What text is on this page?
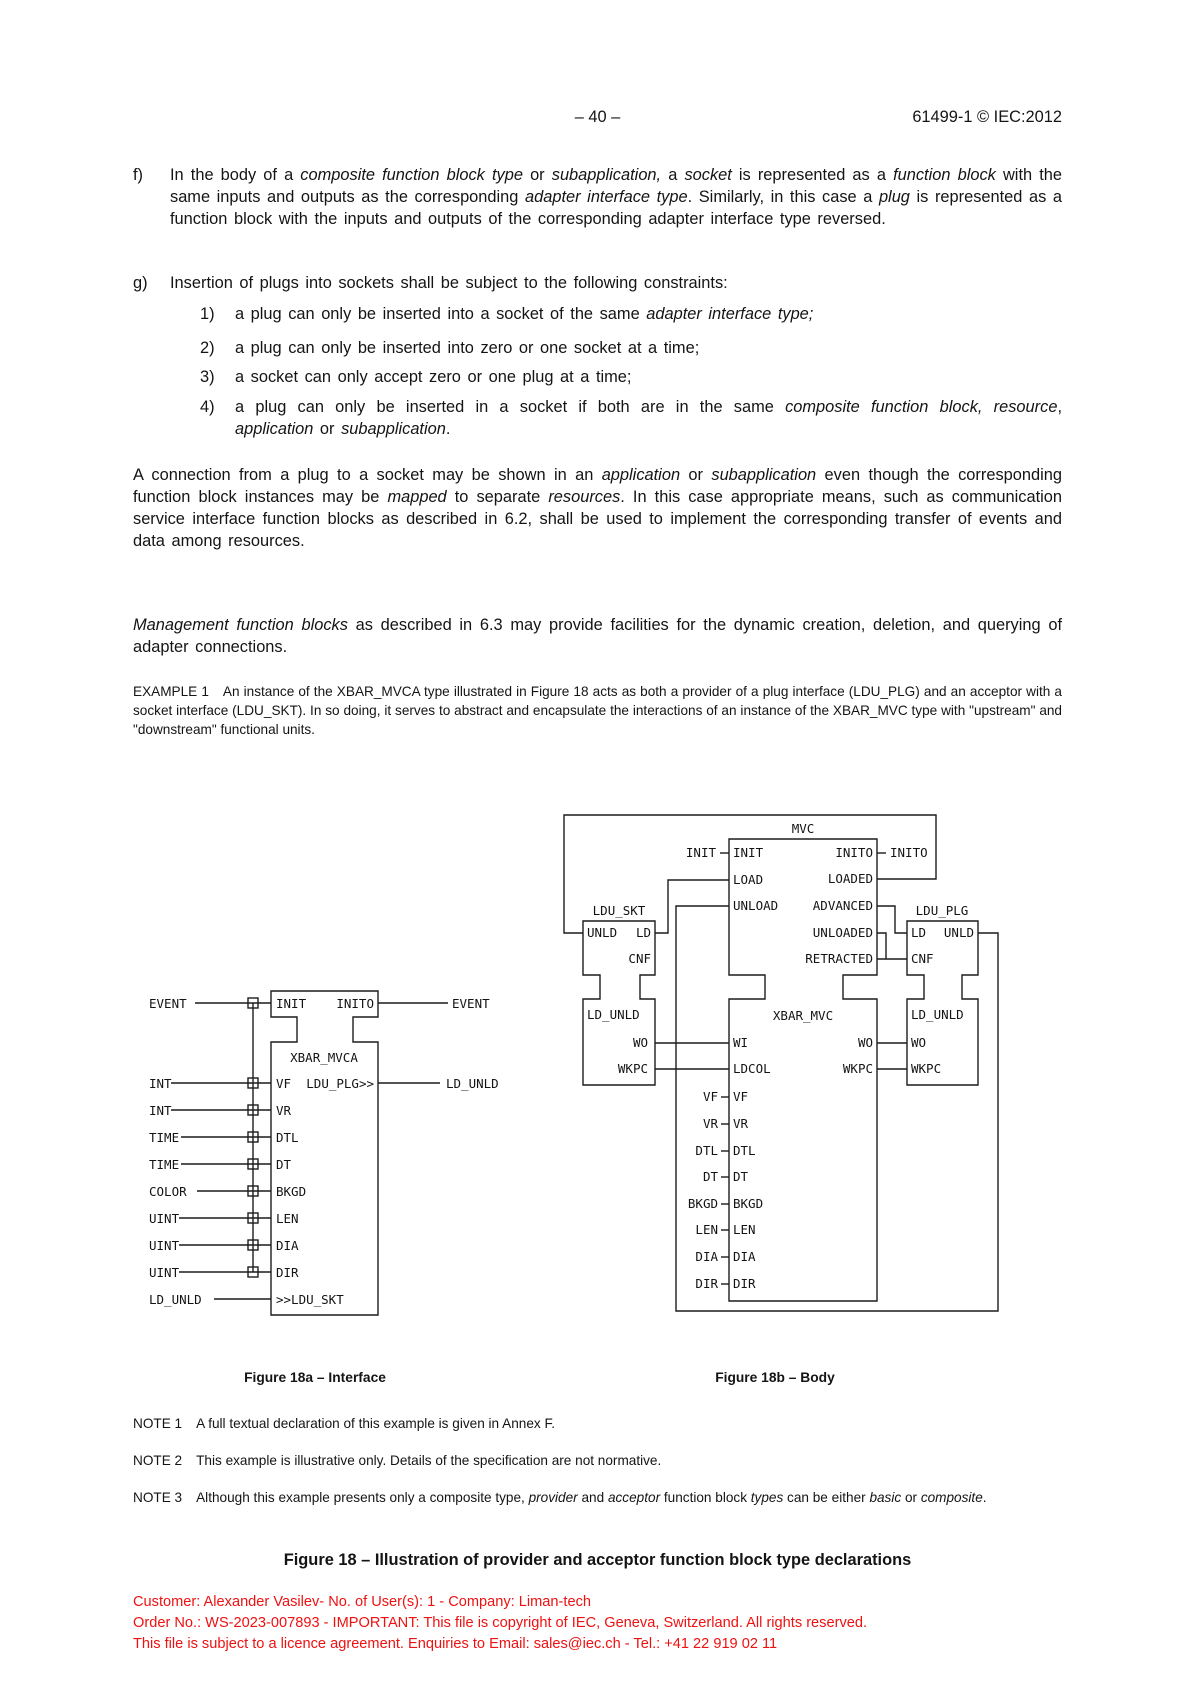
– 40 –	61499-1 © IEC:2012
f)	In the body of a composite function block type or subapplication, a socket is represented as a function block with the same inputs and outputs as the corresponding adapter interface type. Similarly, in this case a plug is represented as a function block with the inputs and outputs of the corresponding adapter interface type reversed.
g)	Insertion of plugs into sockets shall be subject to the following constraints:
1)	a plug can only be inserted into a socket of the same adapter interface type;
2)	a plug can only be inserted into zero or one socket at a time;
3)	a socket can only accept zero or one plug at a time;
4)	a plug can only be inserted in a socket if both are in the same composite function block, resource, application or subapplication.
A connection from a plug to a socket may be shown in an application or subapplication even though the corresponding function block instances may be mapped to separate resources. In this case appropriate means, such as communication service interface function blocks as described in 6.2, shall be used to implement the corresponding transfer of events and data among resources.
Management function blocks as described in 6.3 may provide facilities for the dynamic creation, deletion, and querying of adapter connections.
EXAMPLE 1 An instance of the XBAR_MVCA type illustrated in Figure 18 acts as both a provider of a plug interface (LDU_PLG) and an acceptor with a socket interface (LDU_SKT). In so doing, it serves to abstract and encapsulate the interactions of an instance of the XBAR_MVC type with "upstream" and "downstream" functional units.
EVENT	INIT INITO	EVENT
XBAR_MVCA
INT	VF LDU_PLG>>	LD_UNLD
INT	VR
TIME	DTL
TIME	DT
COLOR	BKGD
UINT	LEN
UINT	DIA
UINT	DIR
LD_UNLD	>>LDU_SKT
MVC
INIT	INITO
INIT
LOAD
UNLOAD
INITO
LOADED
ADVANCED
UNLOADED
RETRACTED
XBAR_MVC
WI
LDCOL
WO
WKPC
VF VF
VR VR
DTL DTL
DT DT
BKGD BKGD
LEN LEN
DIA DIA
DIR DIR
LDU_SKT
UNLD LD
CNF
LD_UNLD
WO
WKPC
LDU_PLG
LD UNLD
CNF
LD_UNLD
WO
WKPC
Figure 18a – Interface	Figure 18b – Body
NOTE 1 A full textual declaration of this example is given in Annex F.
NOTE 2 This example is illustrative only. Details of the specification are not normative.
NOTE 3 Although this example presents only a composite type, provider and acceptor function block types can be either basic or composite.
Figure 18 – Illustration of provider and acceptor function block type declarations
Customer: Alexander Vasilev- No. of User(s): 1 - Company: Liman-tech
Order No.: WS-2023-007893 - IMPORTANT: This file is copyright of IEC, Geneva, Switzerland. All rights reserved.
This file is subject to a licence agreement. Enquiries to Email: sales@iec.ch - Tel.: +41 22 919 02 11
